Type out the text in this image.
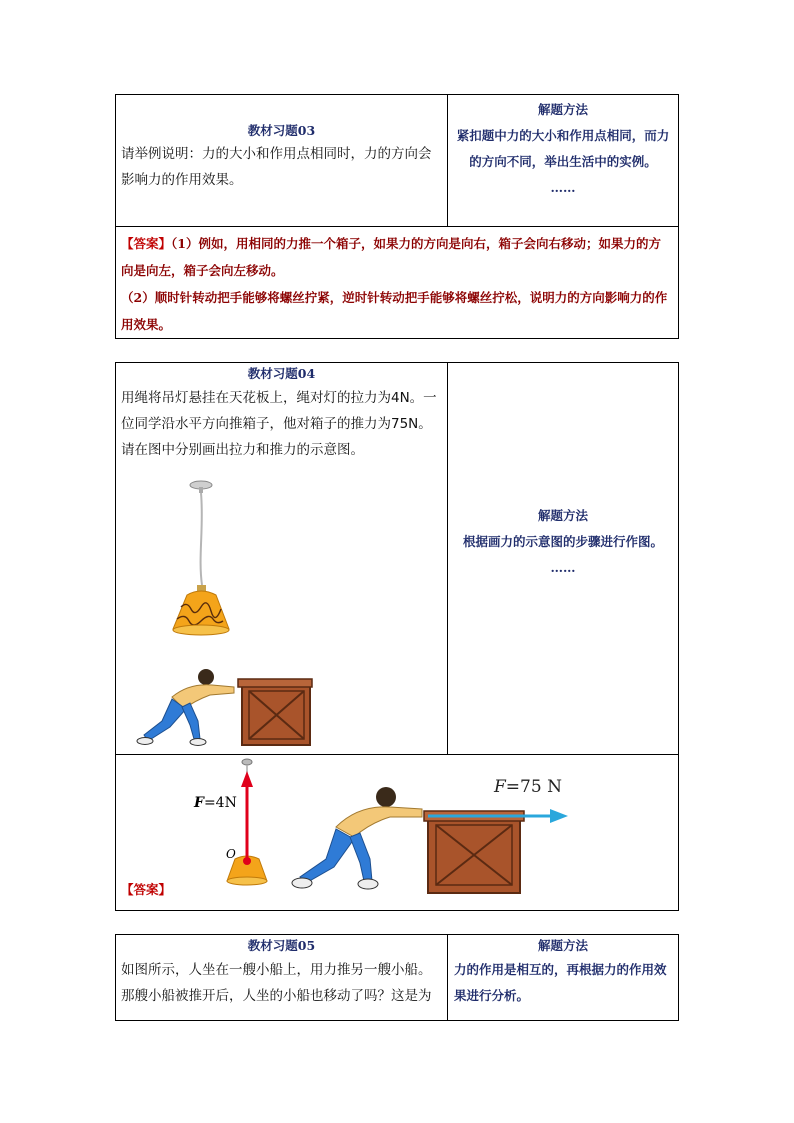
教材习题03
请举例说明：力的大小和作用点相同时，力的方向会影响力的作用效果。
解题方法
紧扣题中力的大小和作用点相同，而力的方向不同，举出生活中的实例。
……
【答案】（1）例如，用相同的力推一个箱子，如果力的方向是向右，箱子会向右移动；如果力的方向是向左，箱子会向左移动。
（2）顺时针转动把手能够将螺丝拧紧，逆时针转动把手能够将螺丝拧松，说明力的方向影响力的作用效果。
教材习题04
用绳将吊灯悬挂在天花板上，绳对灯的拉力为4N。一位同学沿水平方向推箱子，他对箱子的推力为75N。请在图中分别画出拉力和推力的示意图。
解题方法
根据画力的示意图的步骤进行作图。
……
F=4N
O
F=75 N
【答案】
教材习题05
如图所示，人坐在一艘小船上，用力推另一艘小船。那艘小船被推开后，人坐的小船也移动了吗？这是为
解题方法
力的作用是相互的，再根据力的作用效果进行分析。
